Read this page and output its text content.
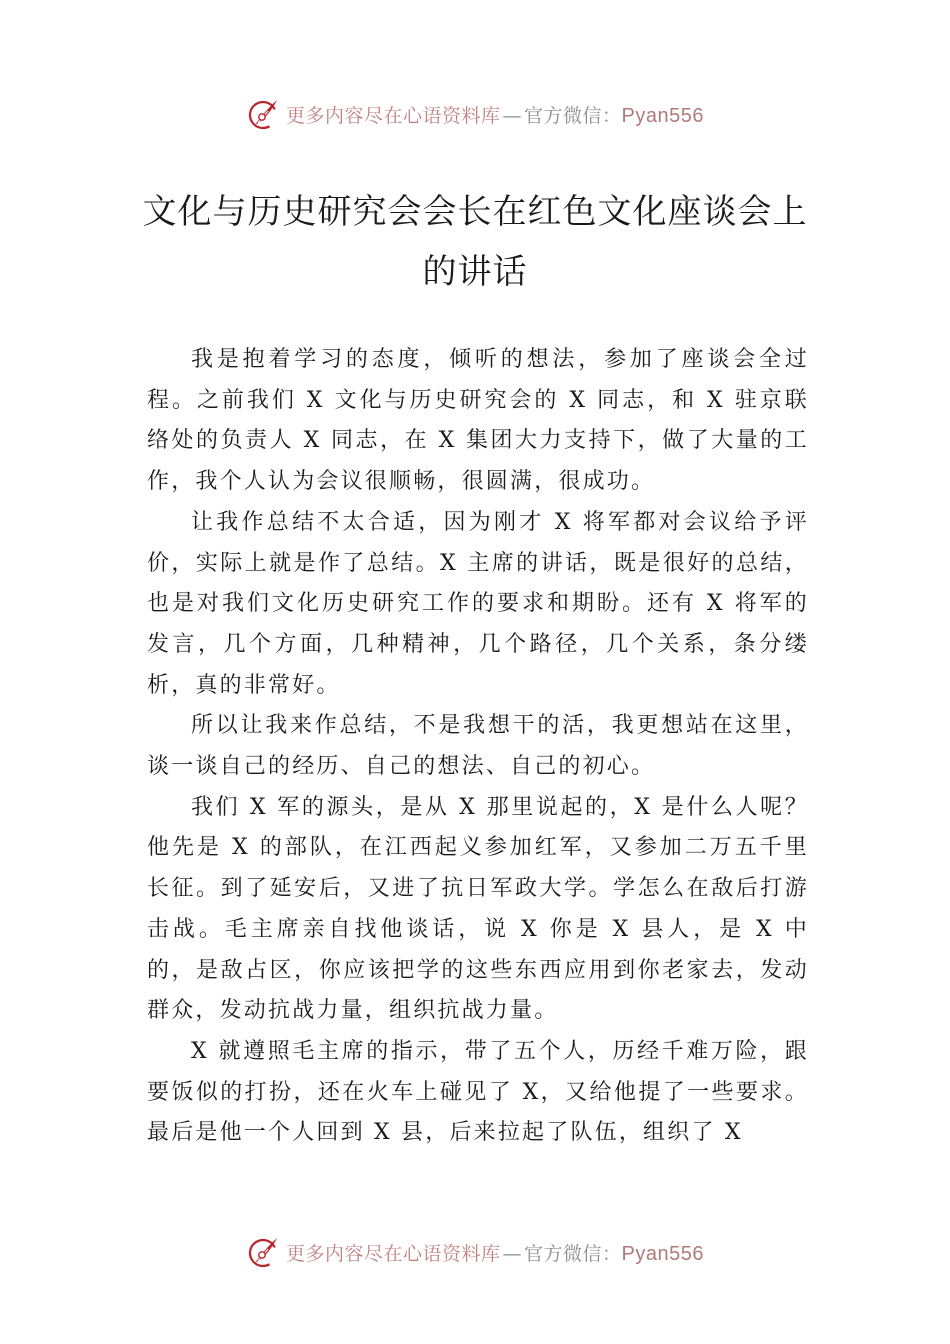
更多内容尽在心语资料库 — 官方微信：Pyan556
文化与历史研究会会长在红色文化座谈会上的讲话

我是抱着学习的态度，倾听的想法，参加了座谈会全过程。之前我们 X 文化与历史研究会的 X 同志，和 X 驻京联络处的负责人 X 同志，在 X 集团大力支持下，做了大量的工作，我个人认为会议很顺畅，很圆满，很成功。

让我作总结不太合适，因为刚才 X 将军都对会议给予评价，实际上就是作了总结。X 主席的讲话，既是很好的总结，也是对我们文化历史研究工作的要求和期盼。还有 X 将军的发言，几个方面，几种精神，几个路径，几个关系，条分缕析，真的非常好。

所以让我来作总结，不是我想干的活，我更想站在这里，谈一谈自己的经历、自己的想法、自己的初心。

我们 X 军的源头，是从 X 那里说起的，X 是什么人呢？ 他先是 X 的部队，在江西起义参加红军，又参加二万五千里长征。到了延安后，又进了抗日军政大学。学怎么在敌后打游击战。毛主席亲自找他谈话，说 X 你是 X 县人，是 X 中的，是敌占区，你应该把学的这些东西应用到你老家去，发动群众，发动抗战力量，组织抗战力量。

X 就遵照毛主席的指示，带了五个人，历经千难万险，跟要饭似的打扮，还在火车上碰见了 X，又给他提了一些要求。最后是他一个人回到 X 县，后来拉起了队伍，组织了 X

更多内容尽在心语资料库 — 官方微信：Pyan556
